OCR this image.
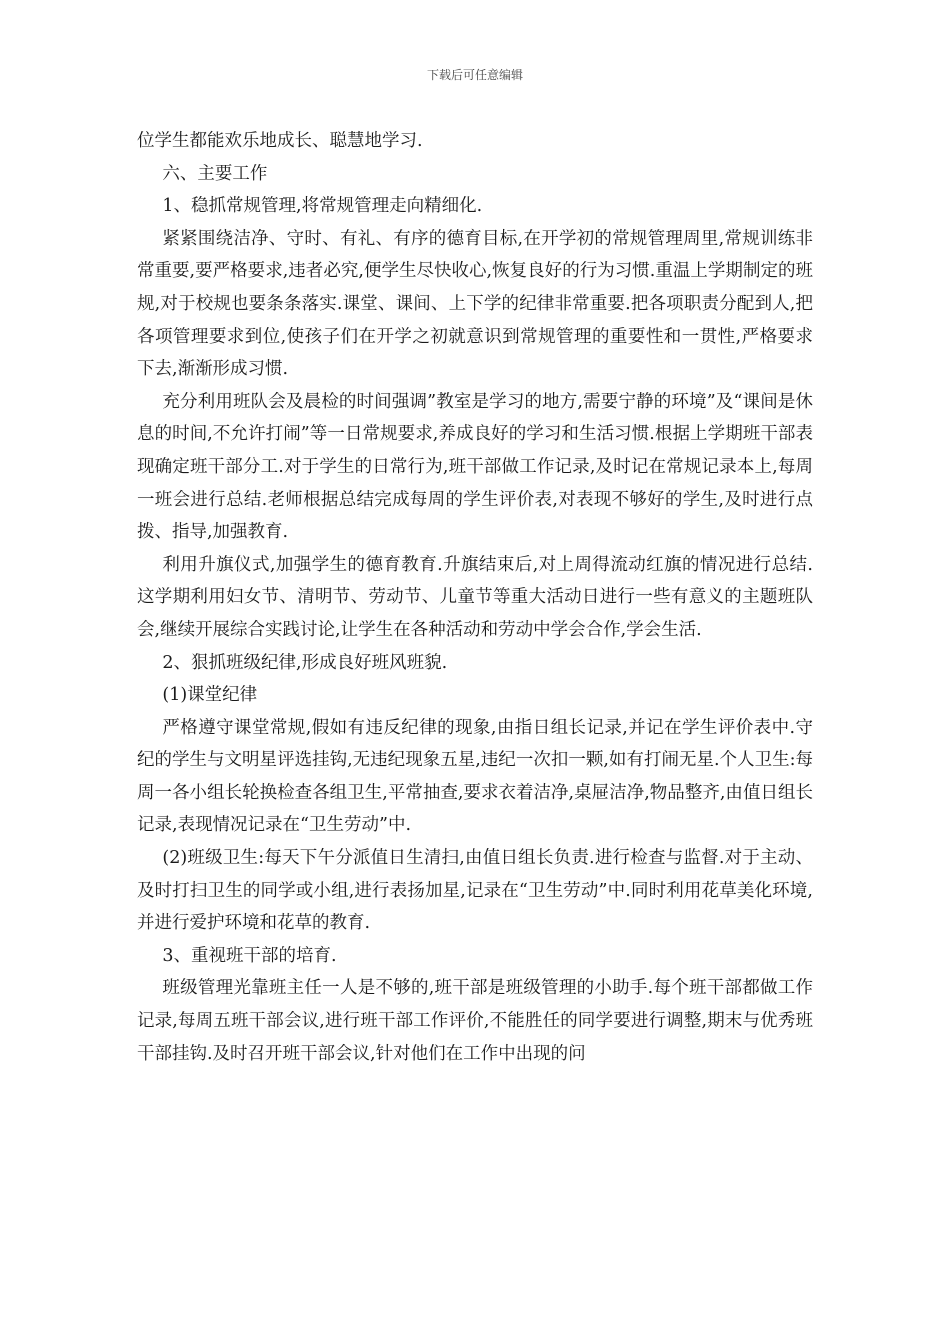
下载后可任意编辑

位学生都能欢乐地成长、聪慧地学习.

六、主要工作

1、稳抓常规管理,将常规管理走向精细化.

紧紧围绕洁净、守时、有礼、有序的德育目标,在开学初的常规管理周里,常规训练非常重要,要严格要求,违者必究,便学生尽快收心,恢复良好的行为习惯.重温上学期制定的班规,对于校规也要条条落实.课堂、课间、上下学的纪律非常重要.把各项职责分配到人,把各项管理要求到位,使孩子们在开学之初就意识到常规管理的重要性和一贯性,严格要求下去,渐渐形成习惯.

充分利用班队会及晨检的时间强调”教室是学习的地方,需要宁静的环境”及“课间是休息的时间,不允许打闹”等一日常规要求,养成良好的学习和生活习惯.根据上学期班干部表现确定班干部分工.对于学生的日常行为,班干部做工作记录,及时记在常规记录本上,每周一班会进行总结.老师根据总结完成每周的学生评价表,对表现不够好的学生,及时进行点拨、指导,加强教育.

利用升旗仪式,加强学生的德育教育.升旗结束后,对上周得流动红旗的情况进行总结.这学期利用妇女节、清明节、劳动节、儿童节等重大活动日进行一些有意义的主题班队会,继续开展综合实践讨论,让学生在各种活动和劳动中学会合作,学会生活.

2、狠抓班级纪律,形成良好班风班貌.

(1)课堂纪律

严格遵守课堂常规,假如有违反纪律的现象,由指日组长记录,并记在学生评价表中.守纪的学生与文明星评选挂钩,无违纪现象五星,违纪一次扣一颗,如有打闹无星.个人卫生:每周一各小组长轮换检查各组卫生,平常抽查,要求衣着洁净,桌屉洁净,物品整齐,由值日组长记录,表现情况记录在“卫生劳动”中.

(2)班级卫生:每天下午分派值日生清扫,由值日组长负责.进行检查与监督.对于主动、及时打扫卫生的同学或小组,进行表扬加星,记录在“卫生劳动”中.同时利用花草美化环境,并进行爱护环境和花草的教育.

3、重视班干部的培育.

班级管理光靠班主任一人是不够的,班干部是班级管理的小助手.每个班干部都做工作记录,每周五班干部会议,进行班干部工作评价,不能胜任的同学要进行调整,期末与优秀班干部挂钩.及时召开班干部会议,针对他们在工作中出现的问
